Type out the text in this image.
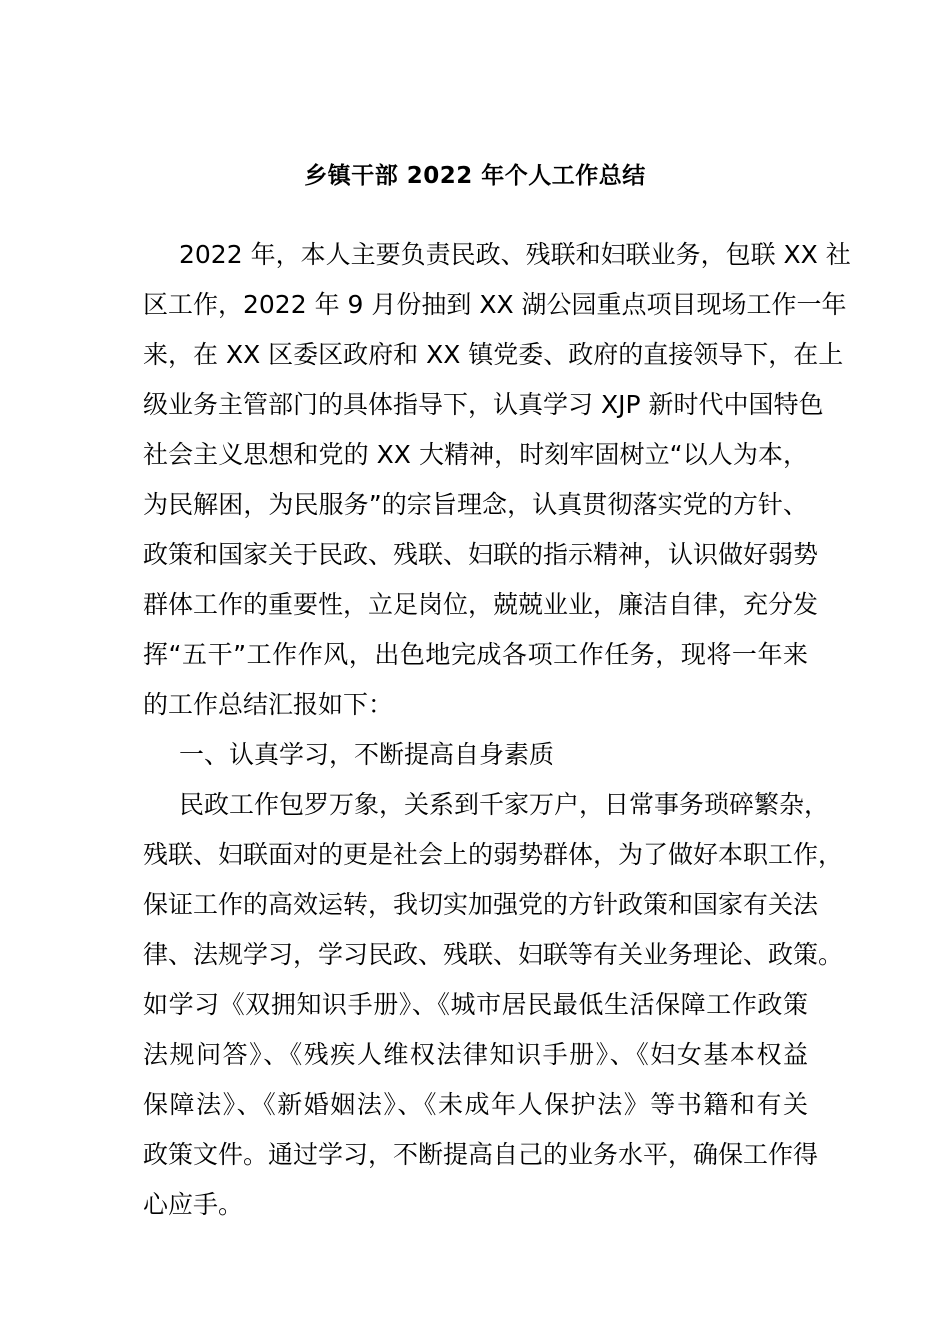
乡镇干部 2022 年个人工作总结
2022 年，本人主要负责民政、残联和妇联业务，包联 XX 社
区工作，2022 年 9 月份抽到 XX 湖公园重点项目现场工作一年
来，在 XX 区委区政府和 XX 镇党委、政府的直接领导下，在上
级业务主管部门的具体指导下，认真学习 XJP 新时代中国特色
社会主义思想和党的 XX 大精神，时刻牢固树立“以人为本，
为民解困，为民服务”的宗旨理念，认真贯彻落实党的方针、
政策和国家关于民政、残联、妇联的指示精神，认识做好弱势
群体工作的重要性，立足岗位，兢兢业业，廉洁自律，充分发
挥“五干”工作作风，出色地完成各项工作任务，现将一年来
的工作总结汇报如下：
一、认真学习，不断提高自身素质
民政工作包罗万象，关系到千家万户，日常事务琐碎繁杂，
残联、妇联面对的更是社会上的弱势群体，为了做好本职工作，
保证工作的高效运转，我切实加强党的方针政策和国家有关法
律、法规学习，学习民政、残联、妇联等有关业务理论、政策。
如学习《双拥知识手册》、《城市居民最低生活保障工作政策
法规问答》、《残疾人维权法律知识手册》、《妇女基本权益
保障法》、《新婚姻法》、《未成年人保护法》等书籍和有关
政策文件。通过学习，不断提高自己的业务水平，确保工作得
心应手。
